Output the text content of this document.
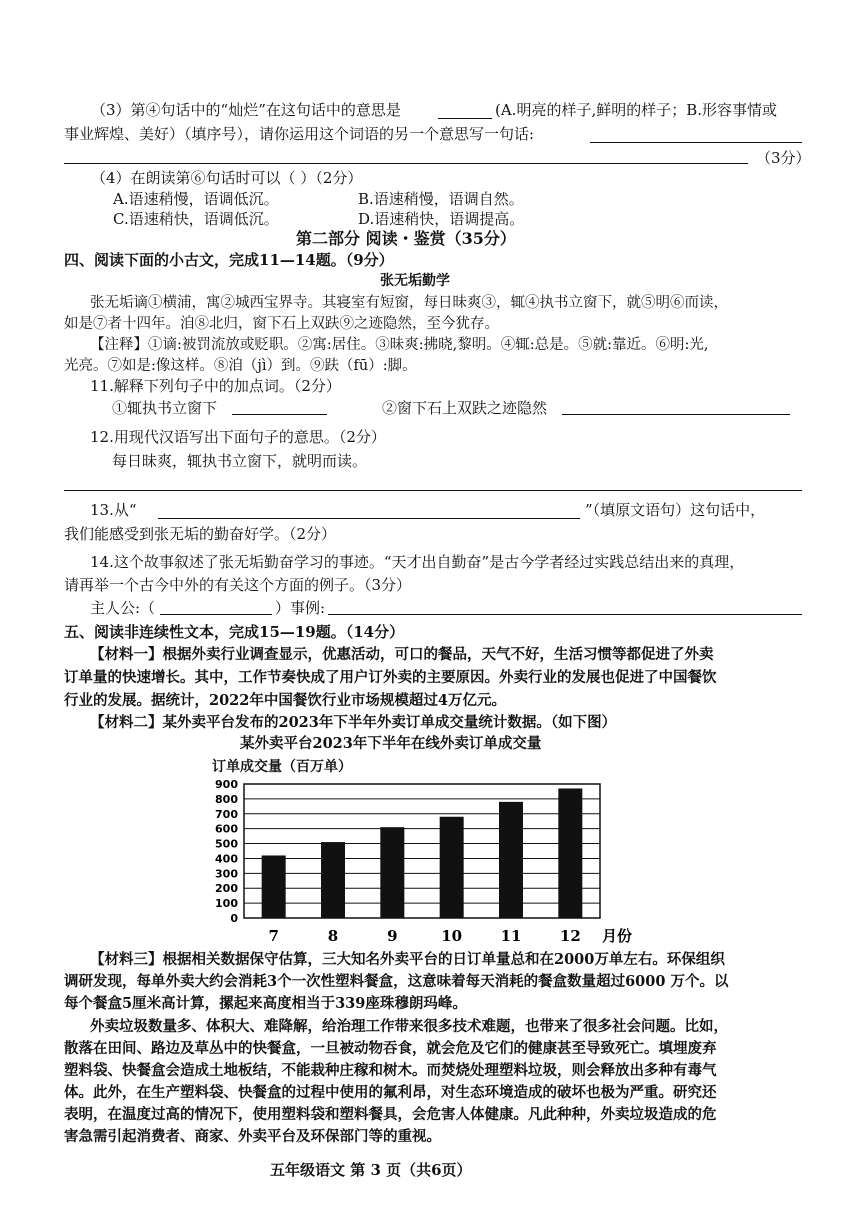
（3）第④句话中的“灿烂”在这句话中的意思是	(A.明亮的样子,鲜明的样子；B.形容事情或
事业辉煌、美好）（填序号），请你运用这个词语的另一个意思写一句话:
（3分）
（4）在朗读第⑥句话时可以（ ）（2分）
A.语速稍慢，语调低沉。	B.语速稍慢，语调自然。
C.语速稍快，语调低沉。	D.语速稍快，语调提高。
第二部分 阅读・鉴赏（35分）
四、阅读下面的小古文，完成11—14题。（9分）
张无垢勤学
张无垢谪①横浦，寓②城西宝界寺。其寝室有短窗，每日昧爽③，辄④执书立窗下，就⑤明⑥而读，
如是⑦者十四年。洎⑧北归，窗下石上双趺⑨之迹隐然，至今犹存。
【注释】①谪:被罚流放或贬职。②寓:居住。③昧爽:拂晓,黎明。④辄:总是。⑤就:靠近。⑥明:光,
光亮。⑦如是:像这样。⑧洎（jì）到。⑨趺（fū）:脚。
11.解释下列句子中的加点词。（2分）
①辄执书立窗下	②窗下石上双趺之迹隐然
12.用现代汉语写出下面句子的意思。（2分）
每日昧爽，辄执书立窗下，就明而读。
13.从“	”（填原文语句）这句话中，
我们能感受到张无垢的勤奋好学。（2分）
14.这个故事叙述了张无垢勤奋学习的事迹。“天才出自勤奋”是古今学者经过实践总结出来的真理，
请再举一个古今中外的有关这个方面的例子。（3分）
主人公:（	）事例:
五、阅读非连续性文本，完成15—19题。（14分）
【材料一】根据外卖行业调查显示，优惠活动，可口的餐品，天气不好，生活习惯等都促进了外卖
订单量的快速增长。其中，工作节奏快成了用户订外卖的主要原因。外卖行业的发展也促进了中国餐饮
行业的发展。据统计，2022年中国餐饮行业市场规模超过4万亿元。
【材料二】某外卖平台发布的2023年下半年外卖订单成交量统计数据。（如下图）
某外卖平台2023年下半年在线外卖订单成交量
订单成交量（百万单）
0
100
200
300
400
500
600
700
800
900
7	8	9	10	11	12 月份
【材料三】根据相关数据保守估算，三大知名外卖平台的日订单量总和在2000万单左右。环保组织
调研发现，每单外卖大约会消耗3个一次性塑料餐盒，这意味着每天消耗的餐盒数量超过6000 万个。以
每个餐盒5厘米高计算，摞起来高度相当于339座珠穆朗玛峰。
外卖垃圾数量多、体积大、难降解，给治理工作带来很多技术难题，也带来了很多社会问题。比如，
散落在田间、路边及草丛中的快餐盒，一旦被动物吞食，就会危及它们的健康甚至导致死亡。填埋废弃
塑料袋、快餐盒会造成土地板结，不能栽种庄稼和树木。而焚烧处理塑料垃圾，则会释放出多种有毒气
体。此外，在生产塑料袋、快餐盒的过程中使用的氟利昂，对生态环境造成的破坏也极为严重。研究还
表明，在温度过高的情况下，使用塑料袋和塑料餐具，会危害人体健康。凡此种种，外卖垃圾造成的危
害急需引起消费者、商家、外卖平台及环保部门等的重视。
五年级语文 第 3 页（共6页）
